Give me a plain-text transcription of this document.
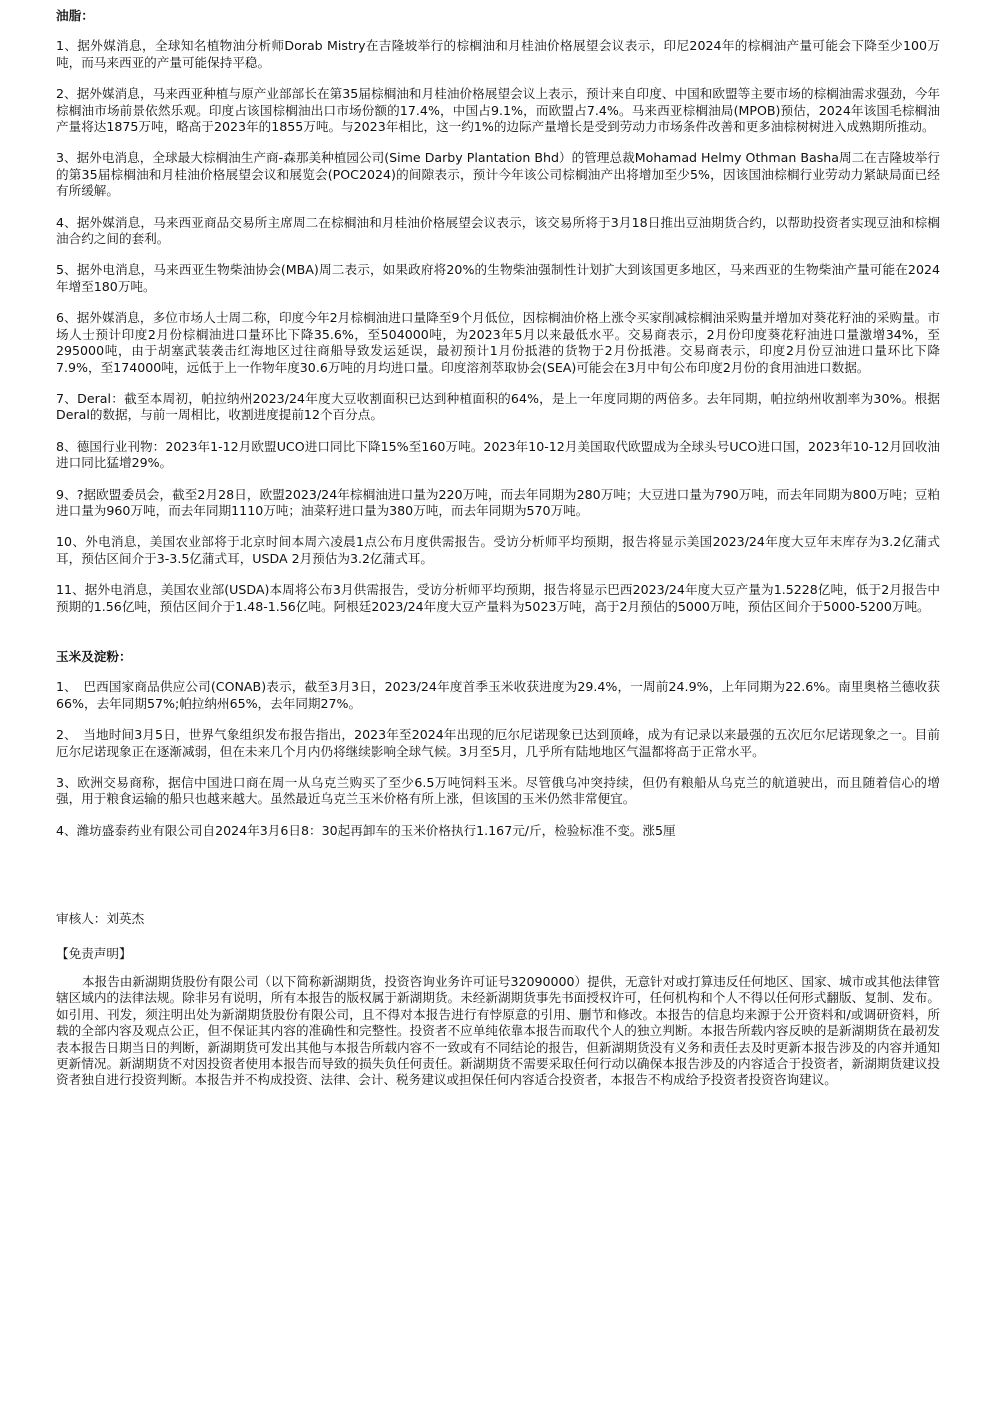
油脂：

1、据外媒消息，全球知名植物油分析师Dorab Mistry在吉隆坡举行的棕榈油和月桂油价格展望会议表示，印尼2024年的棕榈油产量可能会下降至少100万吨，而马来西亚的产量可能保持平稳。

2、据外媒消息，马来西亚种植与原产业部部长在第35届棕榈油和月桂油价格展望会议上表示，预计来自印度、中国和欧盟等主要市场的棕榈油需求强劲，今年棕榈油市场前景依然乐观。印度占该国棕榈油出口市场份额的17.4%，中国占9.1%，而欧盟占7.4%。马来西亚棕榈油局(MPOB)预估，2024年该国毛棕榈油产量将达1875万吨，略高于2023年的1855万吨。与2023年相比，这一约1%的边际产量增长是受到劳动力市场条件改善和更多油棕树树进入成熟期所推动。

3、据外电消息，全球最大棕榈油生产商-森那美种植园公司(Sime Darby Plantation Bhd）的管理总裁Mohamad Helmy Othman Basha周二在吉隆坡举行的第35届棕榈油和月桂油价格展望会议和展览会(POC2024)的间隙表示，预计今年该公司棕榈油产出将增加至少5%，因该国油棕榈行业劳动力紧缺局面已经有所缓解。

4、据外媒消息，马来西亚商品交易所主席周二在棕榈油和月桂油价格展望会议表示，该交易所将于3月18日推出豆油期货合约，以帮助投资者实现豆油和棕榈油合约之间的套利。

5、据外电消息，马来西亚生物柴油协会(MBA)周二表示，如果政府将20%的生物柴油强制性计划扩大到该国更多地区，马来西亚的生物柴油产量可能在2024年增至180万吨。

6、据外媒消息，多位市场人士周二称，印度今年2月棕榈油进口量降至9个月低位，因棕榈油价格上涨令买家削减棕榈油采购量并增加对葵花籽油的采购量。市场人士预计印度2月份棕榈油进口量环比下降35.6%，至504000吨，为2023年5月以来最低水平。交易商表示，2月份印度葵花籽油进口量激增34%，至295000吨，由于胡塞武装袭击红海地区过往商船导致发运延误，最初预计1月份抵港的货物于2月份抵港。交易商表示，印度2月份豆油进口量环比下降7.9%，至174000吨，远低于上一作物年度30.6万吨的月均进口量。印度溶剂萃取协会(SEA)可能会在3月中旬公布印度2月份的食用油进口数据。

7、Deral：截至本周初，帕拉纳州2023/24年度大豆收割面积已达到种植面积的64%，是上一年度同期的两倍多。去年同期，帕拉纳州收割率为30%。根据Deral的数据，与前一周相比，收割进度提前12个百分点。

8、德国行业刊物：2023年1-12月欧盟UCO进口同比下降15%至160万吨。2023年10-12月美国取代欧盟成为全球头号UCO进口国，2023年10-12月回收油进口同比猛增29%。

9、?据欧盟委员会，截至2月28日，欧盟2023/24年棕榈油进口量为220万吨，而去年同期为280万吨；大豆进口量为790万吨，而去年同期为800万吨；豆粕进口量为960万吨，而去年同期1110万吨；油菜籽进口量为380万吨，而去年同期为570万吨。

10、外电消息，美国农业部将于北京时间本周六凌晨1点公布月度供需报告。受访分析师平均预期，报告将显示美国2023/24年度大豆年末库存为3.2亿蒲式耳，预估区间介于3-3.5亿蒲式耳，USDA 2月预估为3.2亿蒲式耳。

11、据外电消息，美国农业部(USDA)本周将公布3月供需报告，受访分析师平均预期，报告将显示巴西2023/24年度大豆产量为1.5228亿吨，低于2月报告中预期的1.56亿吨，预估区间介于1.48-1.56亿吨。阿根廷2023/24年度大豆产量料为5023万吨，高于2月预估的5000万吨，预估区间介于5000-5200万吨。

玉米及淀粉：

1、　巴西国家商品供应公司(CONAB)表示，截至3月3日，2023/24年度首季玉米收获进度为29.4%，一周前24.9%，上年同期为22.6%。南里奥格兰德收获66%，去年同期57%;帕拉纳州65%，去年同期27%。

2、　当地时间3月5日，世界气象组织发布报告指出，2023年至2024年出现的厄尔尼诺现象已达到顶峰，成为有记录以来最强的五次厄尔尼诺现象之一。目前厄尔尼诺现象正在逐渐减弱，但在未来几个月内仍将继续影响全球气候。3月至5月，几乎所有陆地地区气温都将高于正常水平。

3、欧洲交易商称，据信中国进口商在周一从乌克兰购买了至少6.5万吨饲料玉米。尽管俄乌冲突持续，但仍有粮船从乌克兰的航道驶出，而且随着信心的增强，用于粮食运输的船只也越来越大。虽然最近乌克兰玉米价格有所上涨，但该国的玉米仍然非常便宜。

4、潍坊盛泰药业有限公司自2024年3月6日8：30起再卸车的玉米价格执行1.167元/斤，检验标准不变。涨5厘

审核人：刘英杰

【免责声明】

本报告由新湖期货股份有限公司（以下简称新湖期货，投资咨询业务许可证号32090000）提供，无意针对或打算违反任何地区、国家、城市或其他法律管辖区域内的法律法规。除非另有说明，所有本报告的版权属于新湖期货。未经新湖期货事先书面授权许可，任何机构和个人不得以任何形式翻版、复制、发布。如引用、刊发，须注明出处为新湖期货股份有限公司，且不得对本报告进行有悖原意的引用、删节和修改。本报告的信息均来源于公开资料和/或调研资料，所载的全部内容及观点公正，但不保证其内容的准确性和完整性。投资者不应单纯依靠本报告而取代个人的独立判断。本报告所载内容反映的是新湖期货在最初发表本报告日期当日的判断，新湖期货可发出其他与本报告所载内容不一致或有不同结论的报告，但新湖期货没有义务和责任去及时更新本报告涉及的内容并通知更新情况。新湖期货不对因投资者使用本报告而导致的损失负任何责任。新湖期货不需要采取任何行动以确保本报告涉及的内容适合于投资者，新湖期货建议投资者独自进行投资判断。本报告并不构成投资、法律、会计、税务建议或担保任何内容适合投资者，本报告不构成给予投资者投资咨询建议。
